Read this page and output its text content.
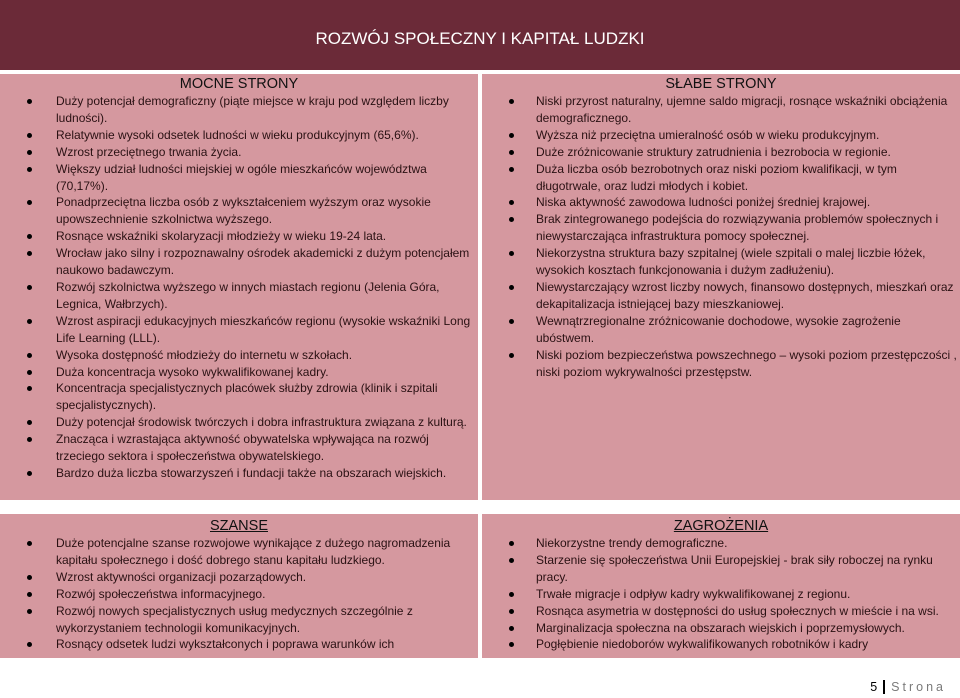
ROZWÓJ SPOŁECZNY I KAPITAŁ LUDZKI
MOCNE STRONY
Duży potencjał demograficzny (piąte miejsce w kraju pod względem liczby ludności).
Relatywnie wysoki odsetek ludności w wieku produkcyjnym (65,6%).
Wzrost przeciętnego trwania życia.
Większy udział ludności miejskiej w ogóle mieszkańców województwa (70,17%).
Ponadprzeciętna liczba osób z wykształceniem wyższym oraz wysokie upowszechnienie szkolnictwa wyższego.
Rosnące wskaźniki skolaryzacji młodzieży w wieku 19-24 lata.
Wrocław jako silny i rozpoznawalny ośrodek akademicki z dużym potencjałem naukowo badawczym.
Rozwój szkolnictwa wyższego w innych miastach regionu (Jelenia Góra, Legnica, Wałbrzych).
Wzrost aspiracji edukacyjnych mieszkańców regionu (wysokie wskaźniki Long Life Learning (LLL).
Wysoka dostępność młodzieży do internetu w szkołach.
Duża koncentracja wysoko wykwalifikowanej kadry.
Koncentracja specjalistycznych placówek służby zdrowia (klinik i szpitali specjalistycznych).
Duży potencjał środowisk twórczych i dobra infrastruktura związana z kulturą.
Znacząca i wzrastająca aktywność obywatelska wpływająca na rozwój trzeciego sektora i społeczeństwa obywatelskiego.
Bardzo duża liczba stowarzyszeń i fundacji także na obszarach wiejskich.
SŁABE STRONY
Niski przyrost naturalny, ujemne saldo migracji, rosnące wskaźniki obciążenia demograficznego.
Wyższa niż przeciętna umieralność osób w wieku produkcyjnym.
Duże zróżnicowanie struktury zatrudnienia i bezrobocia w regionie.
Duża liczba osób bezrobotnych oraz niski poziom kwalifikacji, w tym długotrwale, oraz ludzi młodych i kobiet.
Niska aktywność zawodowa ludności poniżej średniej krajowej.
Brak zintegrowanego podejścia do rozwiązywania problemów społecznych i niewystarczająca infrastruktura pomocy społecznej.
Niekorzystna struktura bazy szpitalnej (wiele szpitali o malej liczbie łóżek, wysokich kosztach funkcjonowania i dużym zadłużeniu).
Niewystarczający wzrost liczby nowych, finansowo dostępnych, mieszkań oraz dekapitalizacja istniejącej bazy mieszkaniowej.
Wewnątrzregionalne zróżnicowanie dochodowe, wysokie zagrożenie ubóstwem.
Niski poziom bezpieczeństwa powszechnego – wysoki poziom przestępczości , niski poziom wykrywalności przestępstw.
SZANSE
Duże potencjalne szanse rozwojowe wynikające z dużego nagromadzenia kapitału społecznego i dość dobrego stanu kapitału ludzkiego.
Wzrost aktywności organizacji pozarządowych.
Rozwój społeczeństwa informacyjnego.
Rozwój nowych specjalistycznych usług medycznych szczególnie z wykorzystaniem technologii komunikacyjnych.
Rosnący odsetek ludzi wykształconych i poprawa warunków ich
ZAGROŻENIA
Niekorzystne trendy demograficzne.
Starzenie się społeczeństwa Unii Europejskiej - brak siły roboczej na rynku pracy.
Trwałe migracje i odpływ kadry wykwalifikowanej z regionu.
Rosnąca asymetria w dostępności do usług społecznych w mieście i na wsi.
Marginalizacja społeczna na obszarach wiejskich i poprzemysłowych.
Pogłębienie niedoborów wykwalifikowanych robotników i kadry
5 Strona
